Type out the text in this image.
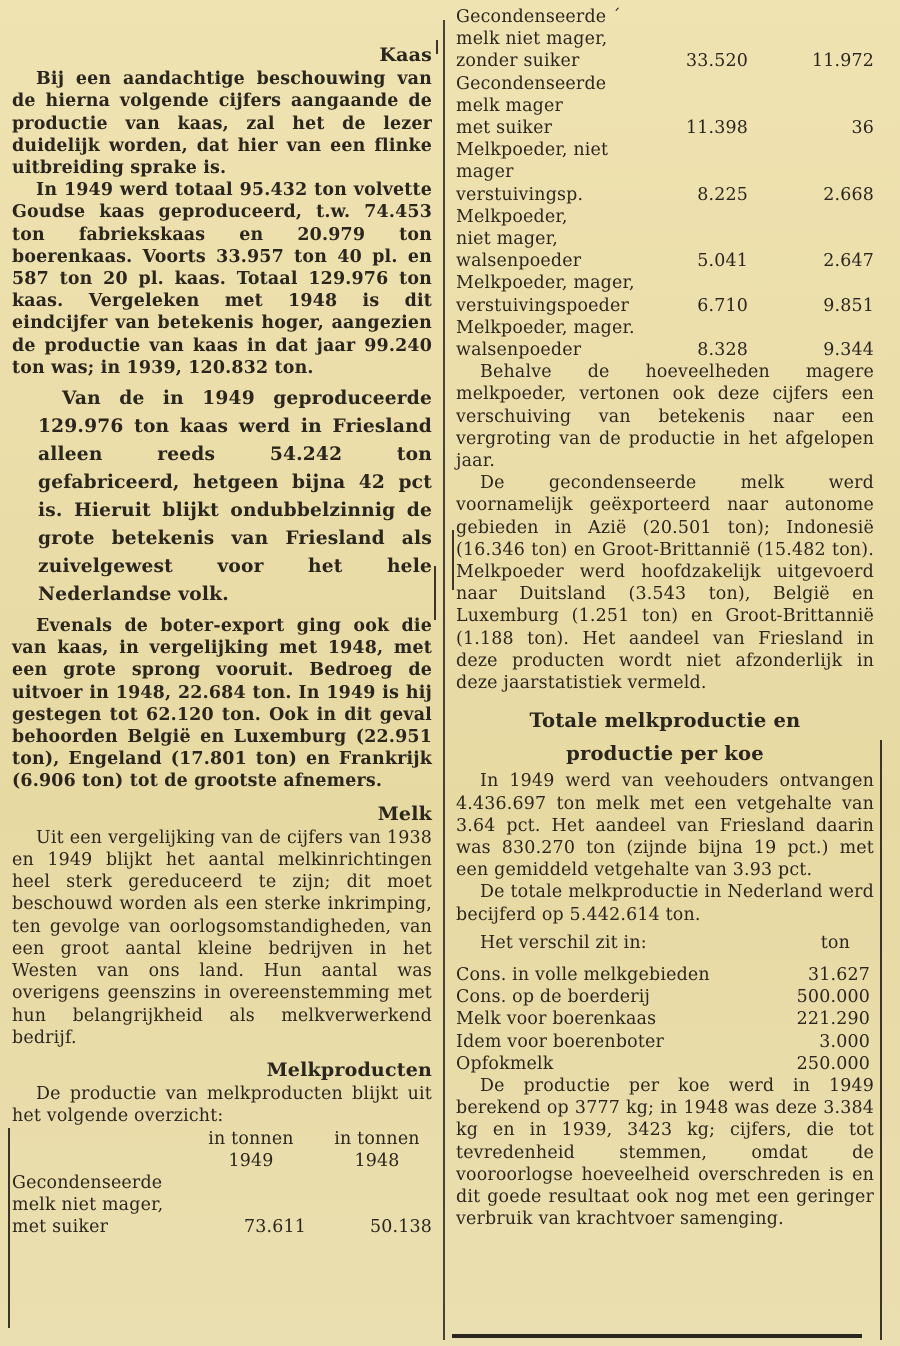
Kaas

Bij een aandachtige beschouwing van de hierna volgende cijfers aangaande de productie van kaas, zal het de lezer duidelijk worden, dat hier van een flinke uitbreiding sprake is.

In 1949 werd totaal 95.432 ton volvette Goudse kaas geproduceerd, t.w. 74.453 ton fabriekskaas en 20.979 ton boerenkaas. Voorts 33.957 ton 40 pl. en 587 ton 20 pl. kaas. Totaal 129.976 ton kaas. Vergeleken met 1948 is dit eindcijfer van betekenis hoger, aangezien de productie van kaas in dat jaar 99.240 ton was; in 1939, 120.832 ton.

Van de in 1949 geproduceerde 129.976 ton kaas werd in Friesland alleen reeds 54.242 ton gefabriceerd, hetgeen bijna 42 pct is. Hieruit blijkt ondubbelzinnig de grote betekenis van Friesland als zuivelgewest voor het hele Nederlandse volk.

Evenals de boter-export ging ook die van kaas, in vergelijking met 1948, met een grote sprong vooruit. Bedroeg de uitvoer in 1948, 22.684 ton. In 1949 is hij gestegen tot 62.120 ton. Ook in dit geval behoorden België en Luxemburg (22.951 ton), Engeland (17.801 ton) en Frankrijk (6.906 ton) tot de grootste afnemers.

Melk

Uit een vergelijking van de cijfers van 1938 en 1949 blijkt het aantal melkinrichtingen heel sterk gereduceerd te zijn; dit moet beschouwd worden als een sterke inkrimping, ten gevolge van oorlogsomstandigheden, van een groot aantal kleine bedrijven in het Westen van ons land. Hun aantal was overigens geenszins in overeenstemming met hun belangrijkheid als melkverwerkend bedrijf.

Melkproducten

De productie van melkproducten blijkt uit het volgende overzicht:

	in tonnen	in tonnen
	1949	1948
Gecondenseerde		
melk niet mager,		
met suiker	73.611	50.138
Gecondenseerde ´		
melk niet mager,		
zonder suiker	33.520	11.972
Gecondenseerde		
melk mager		
met suiker	11.398	36
Melkpoeder, niet		
mager		
verstuivingsp.	8.225	2.668
Melkpoeder,		
niet mager,		
walsenpoeder	5.041	2.647
Melkpoeder, mager,		
verstuivingspoeder	6.710	9.851
Melkpoeder, mager.		
walsenpoeder	8.328	9.344

Behalve de hoeveelheden magere melkpoeder, vertonen ook deze cijfers een verschuiving van betekenis naar een vergroting van de productie in het afgelopen jaar.

De gecondenseerde melk werd voornamelijk geëxporteerd naar autonome gebieden in Azië (20.501 ton); Indonesië (16.346 ton) en Groot-Brittannië (15.482 ton). Melkpoeder werd hoofdzakelijk uitgevoerd naar Duitsland (3.543 ton), België en Luxemburg (1.251 ton) en Groot-Brittannië (1.188 ton). Het aandeel van Friesland in deze producten wordt niet afzonderlijk in deze jaarstatistiek vermeld.

Totale melkproductie en
productie per koe

In 1949 werd van veehouders ontvangen 4.436.697 ton melk met een vetgehalte van 3.64 pct. Het aandeel van Friesland daarin was 830.270 ton (zijnde bijna 19 pct.) met een gemiddeld vetgehalte van 3.93 pct.

De totale melkproductie in Nederland werd becijferd op 5.442.614 ton.

Het verschil zit in:	ton
Cons. in volle melkgebieden	31.627
Cons. op de boerderij	500.000
Melk voor boerenkaas	221.290
Idem voor boerenboter	3.000
Opfokmelk	250.000

De productie per koe werd in 1949 berekend op 3777 kg; in 1948 was deze 3.384 kg en in 1939, 3423 kg; cijfers, die tot tevredenheid stemmen, omdat de vooroorlogse hoeveelheid overschreden is en dit goede resultaat ook nog met een geringer verbruik van krachtvoer samenging.
